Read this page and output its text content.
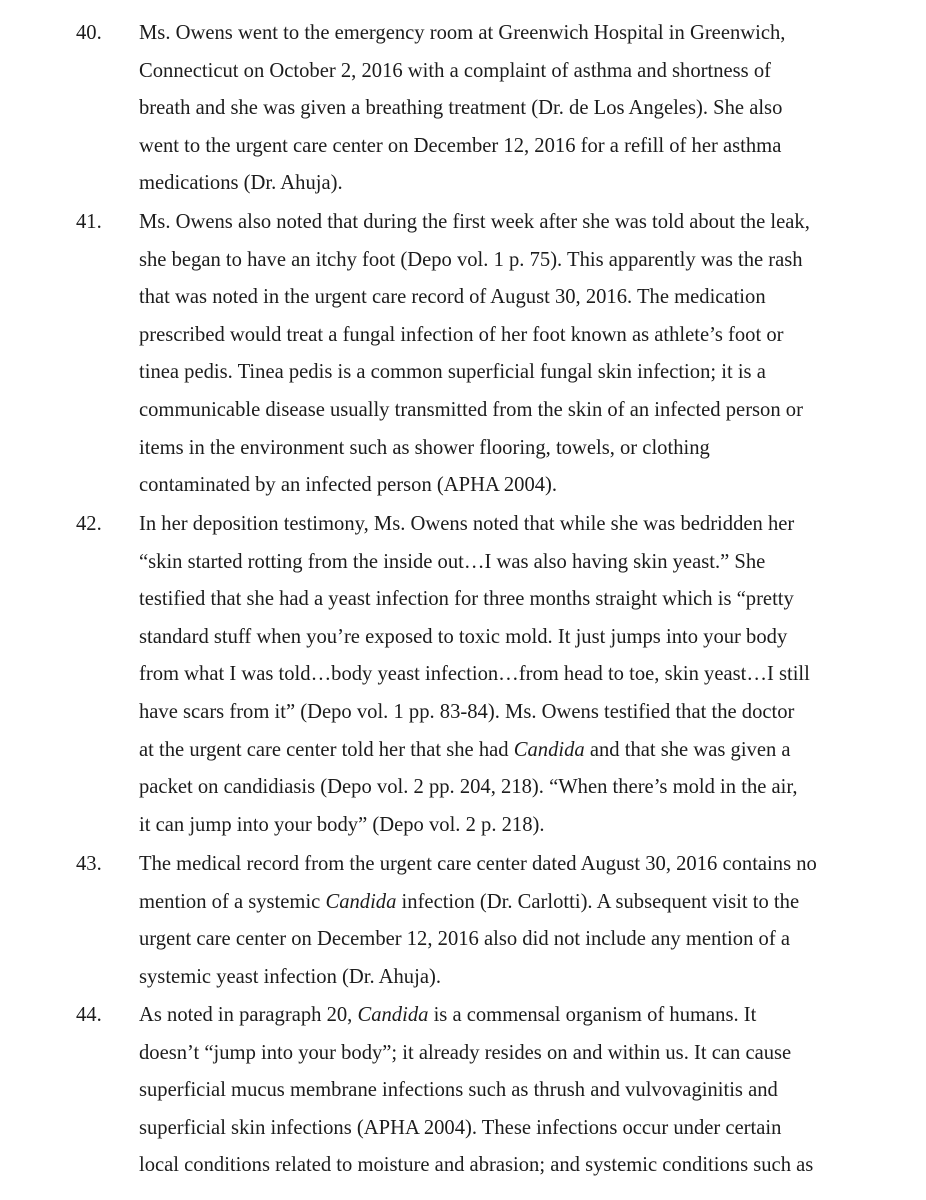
40. Ms. Owens went to the emergency room at Greenwich Hospital in Greenwich,
Connecticut on October 2, 2016 with a complaint of asthma and shortness of
breath and she was given a breathing treatment (Dr. de Los Angeles). She also
went to the urgent care center on December 12, 2016 for a refill of her asthma
medications (Dr. Ahuja).
41. Ms. Owens also noted that during the first week after she was told about the leak,
she began to have an itchy foot (Depo vol. 1 p. 75). This apparently was the rash
that was noted in the urgent care record of August 30, 2016. The medication
prescribed would treat a fungal infection of her foot known as athlete’s foot or
tinea pedis. Tinea pedis is a common superficial fungal skin infection; it is a
communicable disease usually transmitted from the skin of an infected person or
items in the environment such as shower flooring, towels, or clothing
contaminated by an infected person (APHA 2004).
42. In her deposition testimony, Ms. Owens noted that while she was bedridden her
“skin started rotting from the inside out…I was also having skin yeast.” She
testified that she had a yeast infection for three months straight which is “pretty
standard stuff when you’re exposed to toxic mold. It just jumps into your body
from what I was told…body yeast infection…from head to toe, skin yeast…I still
have scars from it” (Depo vol. 1 pp. 83-84). Ms. Owens testified that the doctor
at the urgent care center told her that she had Candida and that she was given a
packet on candidiasis (Depo vol. 2 pp. 204, 218). “When there’s mold in the air,
it can jump into your body” (Depo vol. 2 p. 218).
43. The medical record from the urgent care center dated August 30, 2016 contains no
mention of a systemic Candida infection (Dr. Carlotti). A subsequent visit to the
urgent care center on December 12, 2016 also did not include any mention of a
systemic yeast infection (Dr. Ahuja).
44. As noted in paragraph 20, Candida is a commensal organism of humans. It
doesn’t “jump into your body”; it already resides on and within us. It can cause
superficial mucus membrane infections such as thrush and vulvovaginitis and
superficial skin infections (APHA 2004). These infections occur under certain
local conditions related to moisture and abrasion; and systemic conditions such as
